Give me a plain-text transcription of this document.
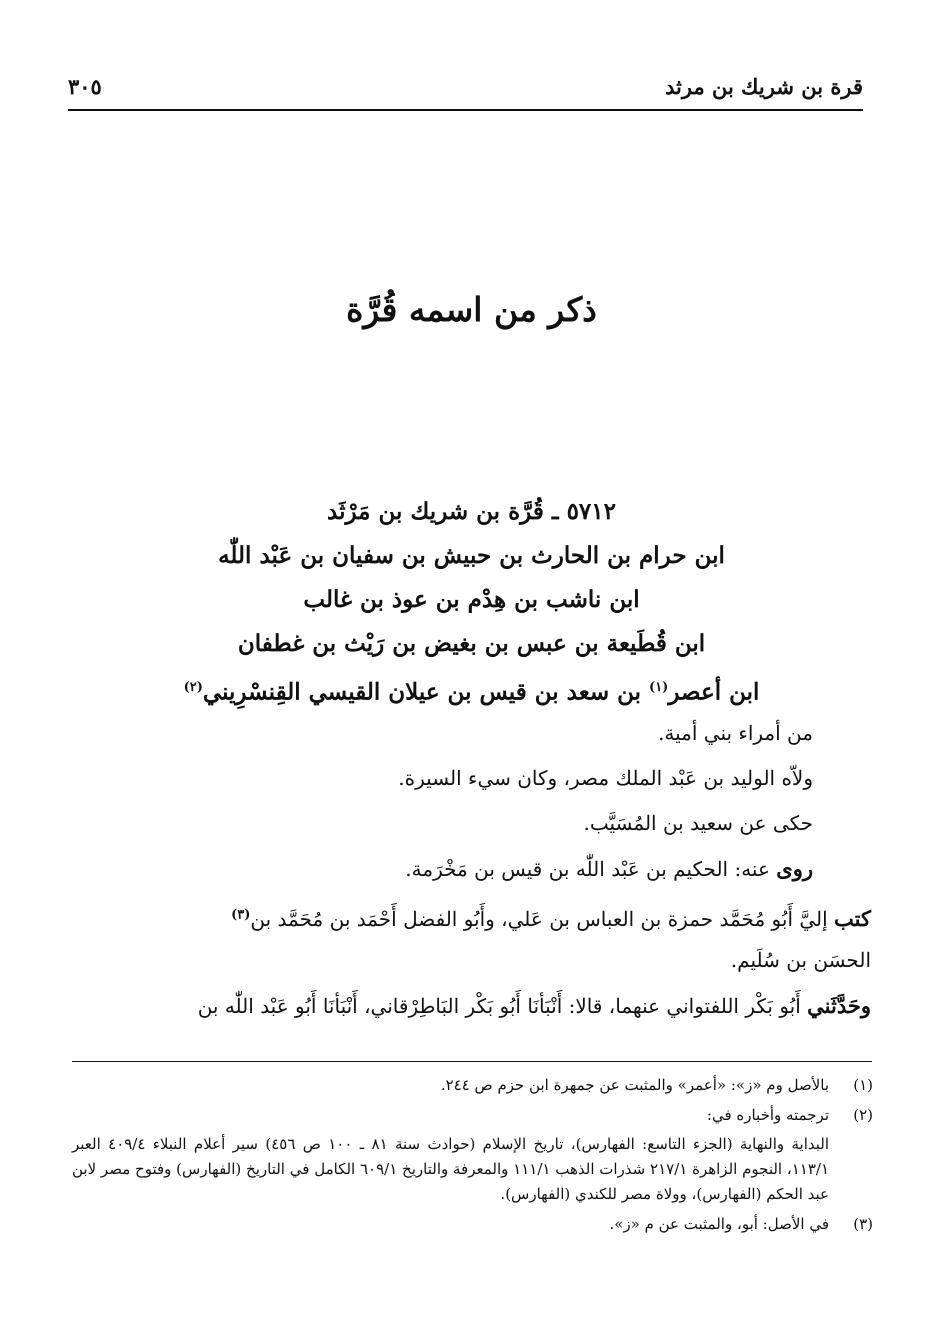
قرة بن شريك بن مرثد
٣٠٥
ذكر من اسمه قُرَّة
٥٧١٢ ـ قُرَّة بن شريك بن مَرْثَد
ابن حرام بن الحارث بن حبيش بن سفيان بن عَبْد اللّٰه
ابن ناشب بن هِدْم بن عوذ بن غالب
ابن قُطَيعة بن عبس بن بغيض بن رَيْث بن غطفان
ابن أعصر$^{(١)}$ بن سعد بن قيس بن عيلان القيسي القِنسْرِيني$^{(٢)}$

من أمراء بني أمية.

ولاّه الوليد بن عَبْد الملك مصر، وكان سيء السيرة.

حكى عن سعيد بن المُسَيَّب.

روى عنه: الحكيم بن عَبْد اللّٰه بن قيس بن مَخْرَمة.

كتب إليَّ أَبُو مُحَمَّد حمزة بن العباس بن عَلي، وأَبُو الفضل أَحْمَد بن مُحَمَّد بن$^{(٣)}$
الحسَن بن سُلَيم.

وحَدَّثَني أَبُو بَكْر اللفتواني عنهما، قالا: أَنْبَأنَا أَبُو بَكْر البَاطِرْقاني، أَنْبَأنَا أَبُو عَبْد اللّٰه بن

(١)
بالأصل وم «ز»: «أعمر» والمثبت عن جمهرة ابن حزم ص ٢٤٤.
(٢)
ترجمته وأخباره في:
البداية والنهاية (الجزء التاسع: الفهارس)، تاريخ الإسلام (حوادث سنة ٨١ ـ ١٠٠ ص ٤٥٦) سير أعلام النبلاء ٤٠٩/٤ العبر ١١٣/١، النجوم الزاهرة ٢١٧/١ شذرات الذهب ١١١/١ والمعرفة والتاريخ ٦٠٩/١ الكامل في التاريخ (الفهارس) وفتوح مصر لابن عبد الحكم (الفهارس)، وولاة مصر للكندي (الفهارس).
(٣)
في الأصل: أبو، والمثبت عن م «ز».
